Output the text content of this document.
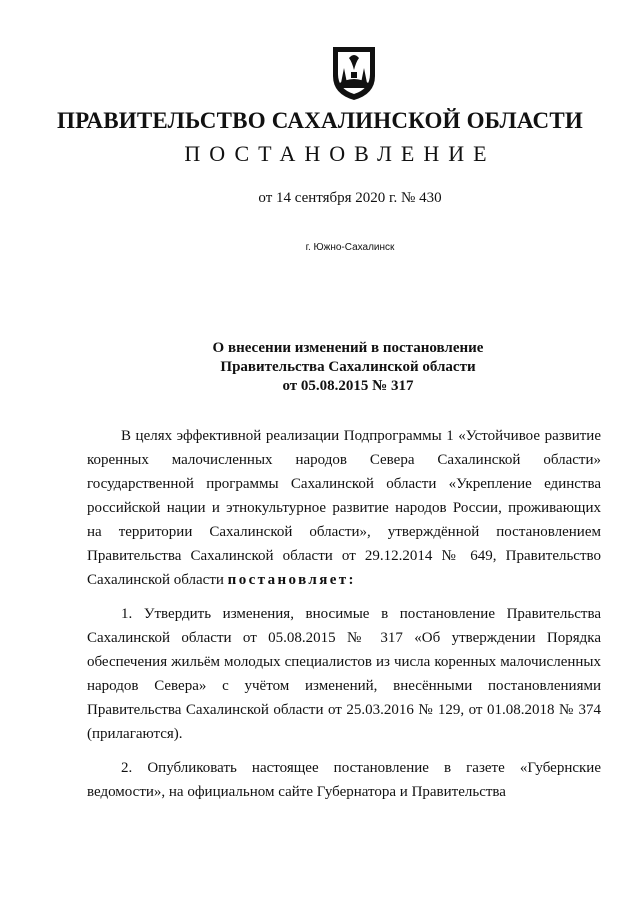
ПРАВИТЕЛЬСТВО САХАЛИНСКОЙ ОБЛАСТИ
ПОСТАНОВЛЕНИЕ
от 14 сентября 2020 г. № 430
г. Южно-Сахалинск
О внесении изменений в постановление
Правительства Сахалинской области
от 05.08.2015 № 317

В целях эффективной реализации Подпрограммы 1 «Устойчивое развитие коренных малочисленных народов Севера Сахалинской области» государственной программы Сахалинской области «Укрепление единства российской нации и этнокультурное развитие народов России, проживающих на территории Сахалинской области», утверждённой постановлением Правительства Сахалинской области от 29.12.2014 № 649, Правительство Сахалинской области постановляет:

1. Утвердить изменения, вносимые в постановление Правительства Сахалинской области от 05.08.2015 № 317 «Об утверждении Порядка обеспечения жильём молодых специалистов из числа коренных малочисленных народов Севера» с учётом изменений, внесёнными постановлениями Правительства Сахалинской области от 25.03.2016 № 129, от 01.08.2018 № 374 (прилагаются).

2. Опубликовать настоящее постановление в газете «Губернские ведомости», на официальном сайте Губернатора и Правительства
